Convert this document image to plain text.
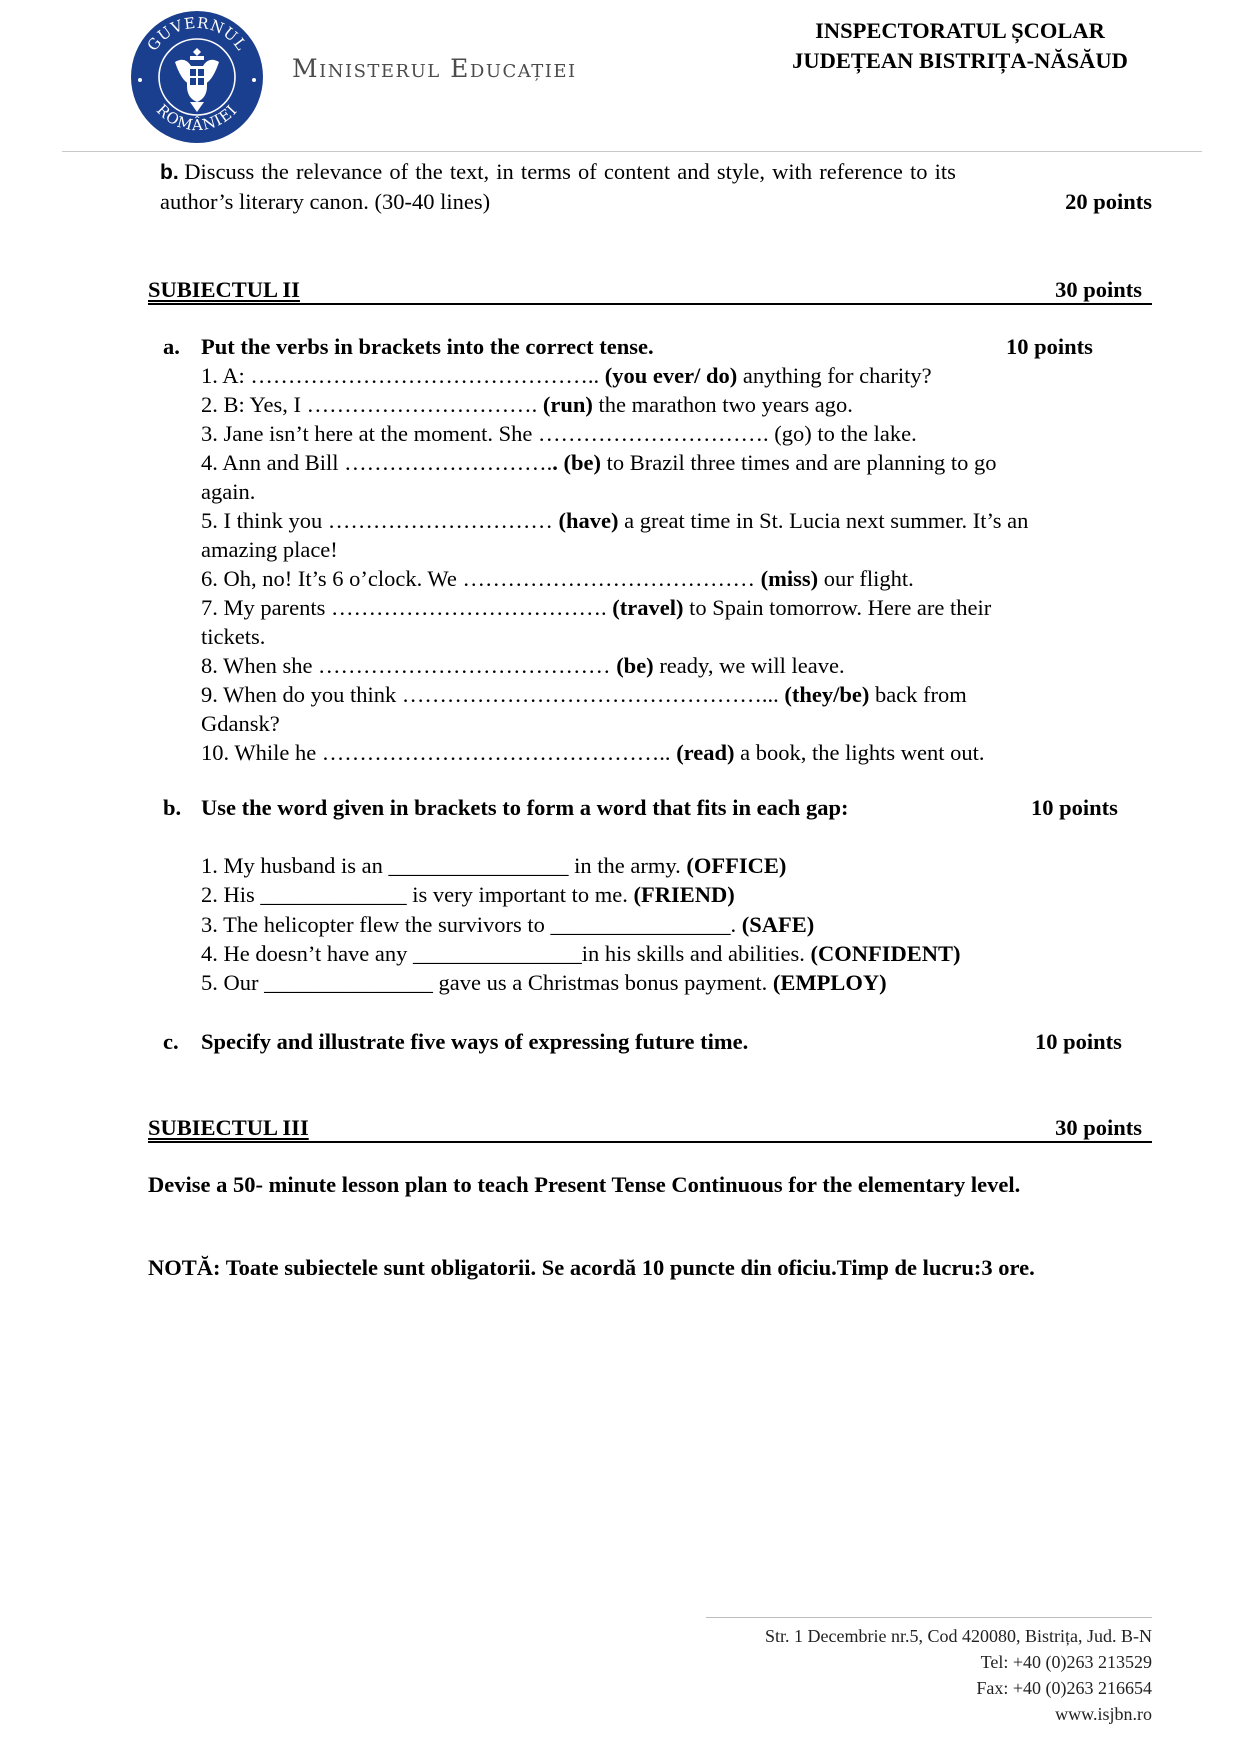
GUVERNUL
ROMÂNIEI
Ministerul Educației
INSPECTORATUL ȘCOLAR
JUDEȚEAN BISTRIȚA-NĂSĂUD
b. Discuss the relevance of the text, in terms of content and style, with reference to its
author’s literary canon. (30-40 lines)	20 points
SUBIECTUL II	30 points
a. Put the verbs in brackets into the correct tense.	10 points
1. A: ……………………………………….. (you ever/ do) anything for charity?
2. B: Yes, I …………………………. (run) the marathon two years ago.
3. Jane isn’t here at the moment. She …………………………. (go) to the lake.
4. Ann and Bill ……………………….. (be) to Brazil three times and are planning to go
again.
5. I think you ………………………… (have) a great time in St. Lucia next summer. It’s an
amazing place!
6. Oh, no! It’s 6 o’clock. We ………………………………… (miss) our flight.
7. My parents ………………………………. (travel) to Spain tomorrow. Here are their
tickets.
8. When she ………………………………… (be) ready, we will leave.
9. When do you think …………………………………………... (they/be) back from
Gdansk?
10. While he ……………………………………….. (read) a book, the lights went out.
b. Use the word given in brackets to form a word that fits in each gap:	10 points
1. My husband is an ________________ in the army. (OFFICE)
2. His _____________ is very important to me. (FRIEND)
3. The helicopter flew the survivors to ________________. (SAFE)
4. He doesn’t have any _______________in his skills and abilities. (CONFIDENT)
5. Our _______________ gave us a Christmas bonus payment. (EMPLOY)
c. Specify and illustrate five ways of expressing future time.	10 points
SUBIECTUL III	30 points
Devise a 50- minute lesson plan to teach Present Tense Continuous for the elementary level.
NOTĂ: Toate subiectele sunt obligatorii. Se acordă 10 puncte din oficiu.Timp de lucru:3 ore.
Str. 1 Decembrie nr.5, Cod 420080, Bistrița, Jud. B-N
Tel: +40 (0)263 213529
Fax: +40 (0)263 216654
www.isjbn.ro
